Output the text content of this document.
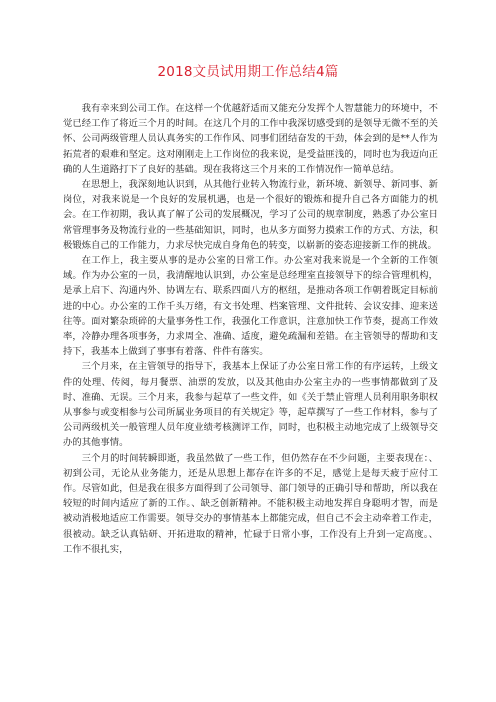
2018文员试用期工作总结4篇

我有幸来到公司工作。在这样一个优越舒适而又能充分发挥个人智慧能力的环境中，不觉已经工作了将近三个月的时间。在这几个月的工作中我深切感受到的是领导无微不至的关怀、公司两级管理人员认真务实的工作作风、同事们团结奋发的干劲，体会到的是**人作为拓荒者的艰难和坚定。这对刚刚走上工作岗位的我来说，是受益匪浅的，同时也为我迈向正确的人生道路打下了良好的基础。现在我将这三个月来的工作情况作一简单总结。

在思想上，我深刻地认识到，从其他行业转入物流行业，新环境、新领导、新同事、新岗位，对我来说是一个良好的发展机遇，也是一个很好的锻炼和提升自己各方面能力的机会。在工作初期，我认真了解了公司的发展概况，学习了公司的规章制度，熟悉了办公室日常管理事务及物流行业的一些基础知识，同时，也从多方面努力摸索工作的方式、方法，积极锻炼自己的工作能力，力求尽快完成自身角色的转变，以崭新的姿态迎接新工作的挑战。

在工作上，我主要从事的是办公室的日常工作。办公室对我来说是一个全新的工作领域。作为办公室的一员，我清醒地认识到，办公室是总经理室直接领导下的综合管理机构，是承上启下、沟通内外、协调左右、联系四面八方的枢纽，是推动各项工作朝着既定目标前进的中心。办公室的工作千头万绪，有文书处理、档案管理、文件批转、会议安排、迎来送往等。面对繁杂琐碎的大量事务性工作，我强化工作意识，注意加快工作节奏，提高工作效率，冷静办理各项事务，力求周全、准确、适度，避免疏漏和差错。在主管领导的帮助和支持下，我基本上做到了事事有着落、件件有落实。

三个月来，在主管领导的指导下，我基本上保证了办公室日常工作的有序运转，上级文件的处理、传阅，每月餐票、油票的发放，以及其他由办公室主办的一些事情都做到了及时、准确、无误。三个月来，我参与起草了一些文件，如《关于禁止管理人员利用职务职权从事参与或变相参与公司所属业务项目的有关规定》等，起草撰写了一些工作材料，参与了公司两级机关一般管理人员年度业绩考核测评工作，同时，也积极主动地完成了上级领导交办的其他事情。

三个月的时间转瞬即逝，我虽然做了一些工作，但仍然存在不少问题，主要表现在：、初到公司，无论从业务能力，还是从思想上都存在许多的不足，感觉上是每天疲于应付工作。尽管如此，但是我在很多方面得到了公司领导、部门领导的正确引导和帮助，所以我在较短的时间内适应了新的工作。、缺乏创新精神。不能积极主动地发挥自身聪明才智，而是被动消极地适应工作需要。领导交办的事情基本上都能完成，但自己不会主动牵着工作走，很被动。缺乏认真钻研、开拓进取的精神，忙碌于日常小事，工作没有上升到一定高度。、工作不很扎实，
